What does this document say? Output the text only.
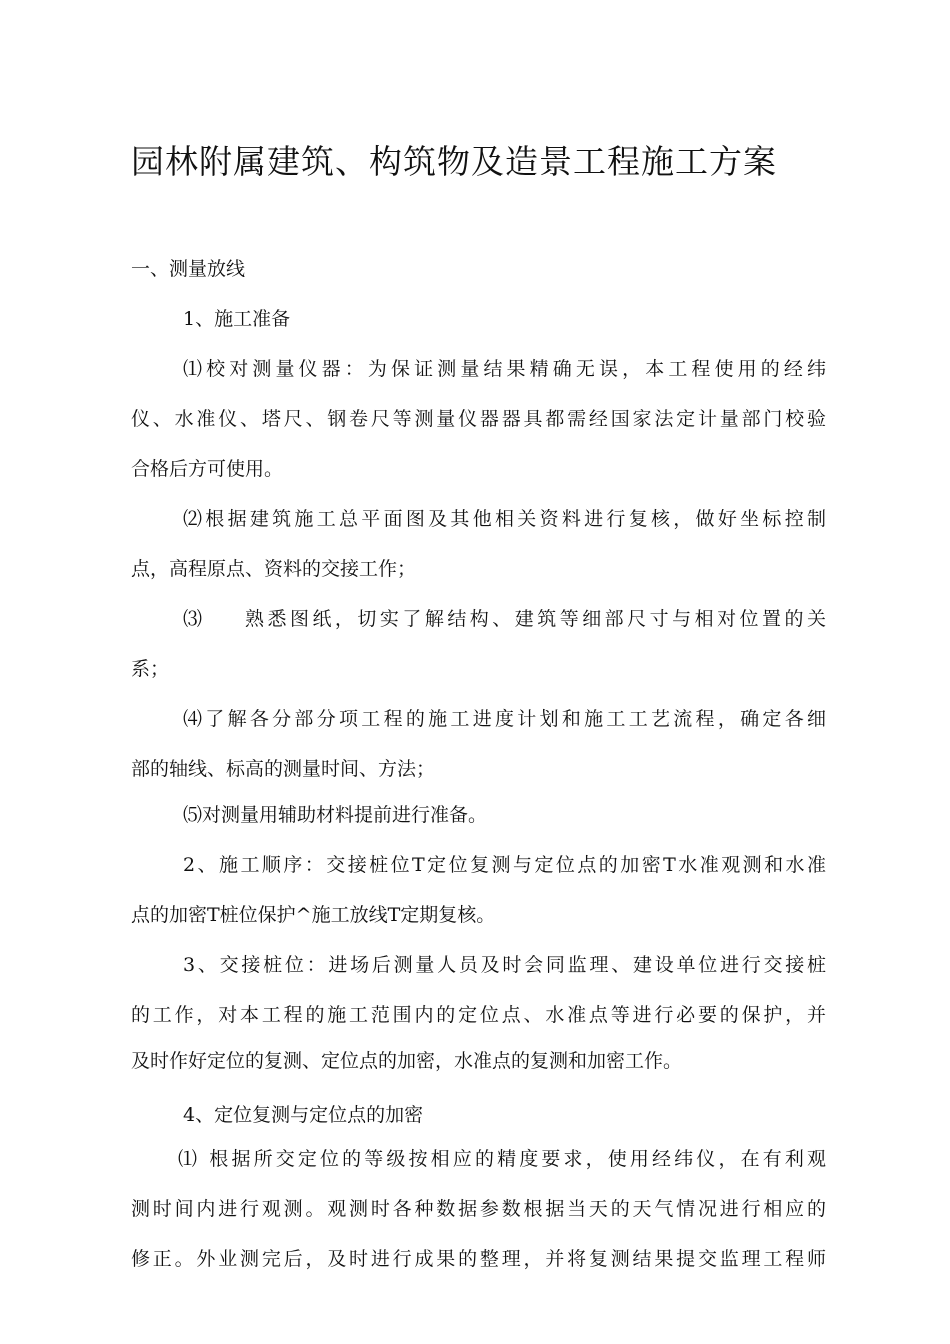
园林附属建筑、构筑物及造景工程施工方案
一、测量放线
1、施工准备
⑴校对测量仪器：为保证测量结果精确无误，本工程使用的经纬
仪、水准仪、塔尺、钢卷尺等测量仪器器具都需经国家法定计量部门校验
合格后方可使用。
⑵根据建筑施工总平面图及其他相关资料进行复核，做好坐标控制
点，高程原点、资料的交接工作；
⑶ 熟悉图纸，切实了解结构、建筑等细部尺寸与相对位置的关
系；
⑷了解各分部分项工程的施工进度计划和施工工艺流程，确定各细
部的轴线、标高的测量时间、方法；
⑸对测量用辅助材料提前进行准备。
2、施工顺序：交接桩位T定位复测与定位点的加密T水准观测和水准
点的加密T桩位保护^施工放线T定期复核。
3、交接桩位：进场后测量人员及时会同监理、建设单位进行交接桩
的工作，对本工程的施工范围内的定位点、水准点等进行必要的保护，并
及时作好定位的复测、定位点的加密，水准点的复测和加密工作。
4、定位复测与定位点的加密
⑴ 根据所交定位的等级按相应的精度要求，使用经纬仪，在有利观
测时间内进行观测。观测时各种数据参数根据当天的天气情况进行相应的
修正。外业测完后，及时进行成果的整理，并将复测结果提交监理工程师
